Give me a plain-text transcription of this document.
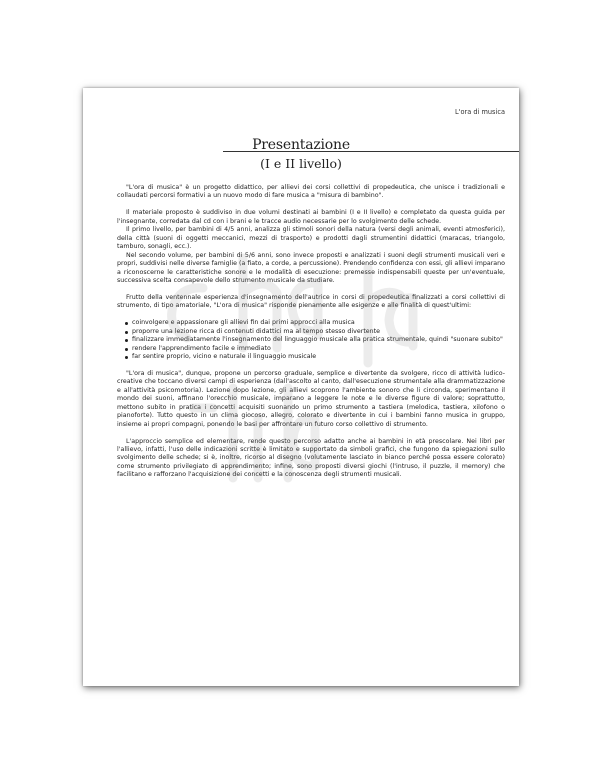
L'ora di musica
Presentazione
(I e II livello)

"L'ora di musica" è un progetto didattico, per allievi dei corsi collettivi di propedeutica, che unisce i tradizionali e collaudati percorsi formativi a un nuovo modo di fare musica a "misura di bambino".

Il materiale proposto è suddiviso in due volumi destinati ai bambini (I e II livello) e completato da questa guida per l'insegnante, corredata dal cd con i brani e le tracce audio necessarie per lo svolgimento delle schede.

Il primo livello, per bambini di 4/5 anni, analizza gli stimoli sonori della natura (versi degli animali, eventi atmosferici), della città (suoni di oggetti meccanici, mezzi di trasporto) e prodotti dagli strumentini didattici (maracas, triangolo, tamburo, sonagli, ecc.).

Nel secondo volume, per bambini di 5/6 anni, sono invece proposti e analizzati i suoni degli strumenti musicali veri e propri, suddivisi nelle diverse famiglie (a fiato, a corde, a percussione). Prendendo confidenza con essi, gli allievi imparano a riconoscerne le caratteristiche sonore e le modalità di esecuzione: premesse indispensabili queste per un'eventuale, successiva scelta consapevole dello strumento musicale da studiare.

Frutto della ventennale esperienza d'insegnamento dell'autrice in corsi di propedeutica finalizzati a corsi collettivi di strumento, di tipo amatoriale, "L'ora di musica" risponde pienamente alle esigenze e alle finalità di quest'ultimi:

coinvolgere e appassionare gli allievi fin dai primi approcci alla musica
proporre una lezione ricca di contenuti didattici ma al tempo stesso divertente
finalizzare immediatamente l'insegnamento del linguaggio musicale alla pratica strumentale, quindi "suonare subito"
rendere l'apprendimento facile e immediato
far sentire proprio, vicino e naturale il linguaggio musicale

"L'ora di musica", dunque, propone un percorso graduale, semplice e divertente da svolgere, ricco di attività ludico-creative che toccano diversi campi di esperienza (dall'ascolto al canto, dall'esecuzione strumentale alla drammatizzazione e all'attività psicomotoria). Lezione dopo lezione, gli allievi scoprono l'ambiente sonoro che li circonda, sperimentano il mondo dei suoni, affinano l'orecchio musicale, imparano a leggere le note e le diverse figure di valore; soprattutto, mettono subito in pratica i concetti acquisiti suonando un primo strumento a tastiera (melodica, tastiera, xilofono o pianoforte). Tutto questo in un clima giocoso, allegro, colorato e divertente in cui i bambini fanno musica in gruppo, insieme ai propri compagni, ponendo le basi per affrontare un futuro corso collettivo di strumento.

L'approccio semplice ed elementare, rende questo percorso adatto anche ai bambini in età prescolare. Nei libri per l'allievo, infatti, l'uso delle indicazioni scritte è limitato e supportato da simboli grafici, che fungono da spiegazioni sullo svolgimento delle schede; si è, inoltre, ricorso al disegno (volutamente lasciato in bianco perché possa essere colorato) come strumento privilegiato di apprendimento; infine, sono proposti diversi giochi (l'intruso, il puzzle, il memory) che facilitano e rafforzano l'acquisizione dei concetti e la conoscenza degli strumenti musicali.
